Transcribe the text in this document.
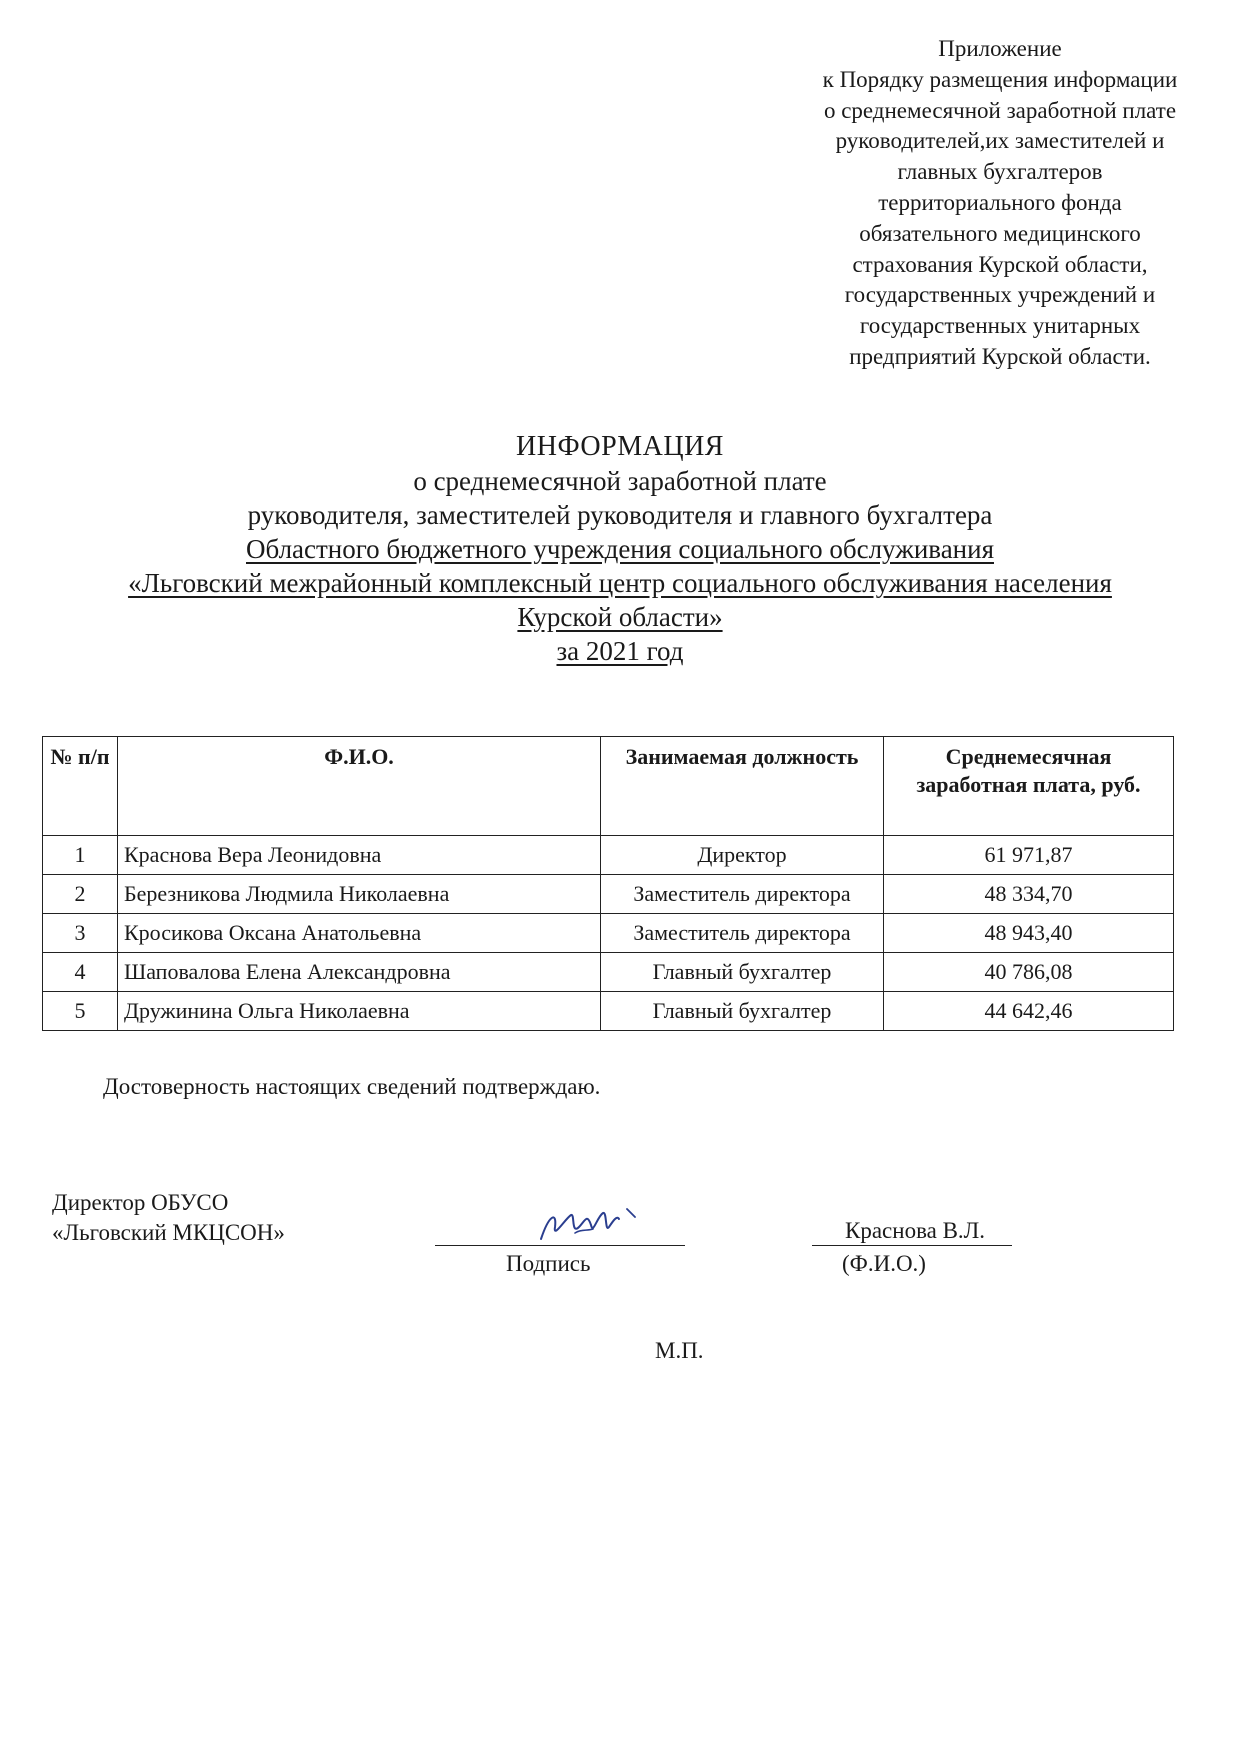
Приложение
к Порядку размещения информации
о среднемесячной заработной плате
руководителей,их заместителей и
главных бухгалтеров
территориального фонда
обязательного медицинского
страхования Курской области,
государственных учреждений и
государственных унитарных
предприятий Курской области.
ИНФОРМАЦИЯ
о среднемесячной заработной плате
руководителя, заместителей руководителя и главного бухгалтера
Областного бюджетного учреждения социального обслуживания
«Льговский межрайонный комплексный центр социального обслуживания населения
Курской области»
за 2021 год
№ п/п	Ф.И.О.	Занимаемая должность	Среднемесячная заработная плата, руб.
1	Краснова Вера Леонидовна	Директор	61 971,87
2	Березникова Людмила Николаевна	Заместитель директора	48 334,70
3	Кросикова Оксана Анатольевна	Заместитель директора	48 943,40
4	Шаповалова Елена Александровна	Главный бухгалтер	40 786,08
5	Дружинина Ольга Николаевна	Главный бухгалтер	44 642,46
Достоверность настоящих сведений подтверждаю.
Директор ОБУСО
«Льговский МКЦСОН»
Подпись
Краснова В.Л.
(Ф.И.О.)
М.П.
